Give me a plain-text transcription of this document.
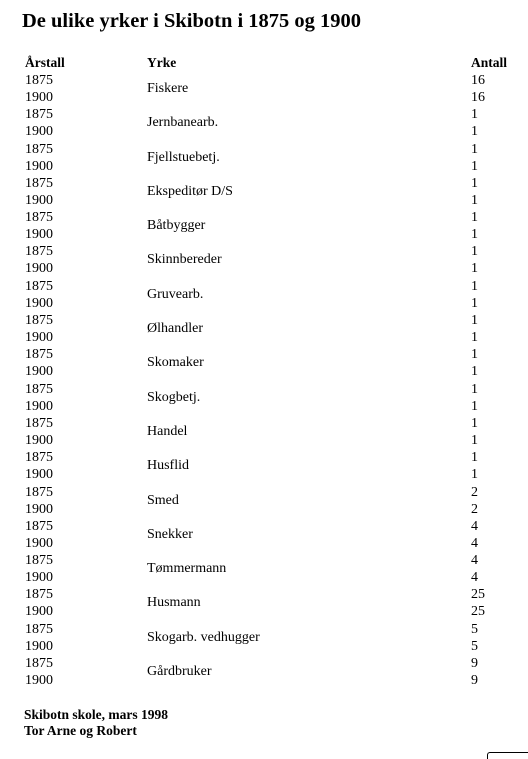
De ulike yrker i Skibotn i 1875 og 1900
Årstall	Yrke	Antall
1875
1900
Fiskere
16
16
1875
1900
Jernbanearb.
1
1
1875
1900
Fjellstuebetj.
1
1
1875
1900
Ekspeditør D/S
1
1
1875
1900
Båtbygger
1
1
1875
1900
Skinnbereder
1
1
1875
1900
Gruvearb.
1
1
1875
1900
Ølhandler
1
1
1875
1900
Skomaker
1
1
1875
1900
Skogbetj.
1
1
1875
1900
Handel
1
1
1875
1900
Husflid
1
1
1875
1900
Smed
2
2
1875
1900
Snekker
4
4
1875
1900
Tømmermann
4
4
1875
1900
Husmann
25
25
1875
1900
Skogarb. vedhugger
5
5
1875
1900
Gårdbruker
9
9
Skibotn skole, mars 1998
Tor Arne og Robert
